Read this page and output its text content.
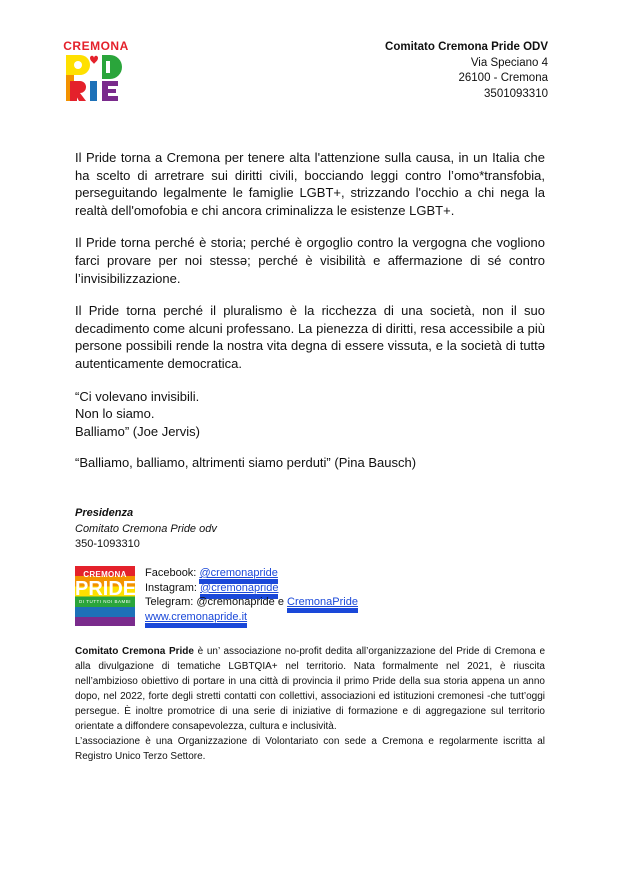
CREMONA	Comitato Cremona Pride ODV
Via Speciano 4
26100 - Cremona
3501093310

Il Pride torna a Cremona per tenere alta l'attenzione sulla causa, in un Italia che ha scelto di arretrare sui diritti civili, bocciando leggi contro l’omo*transfobia, perseguitando legalmente le famiglie LGBT+, strizzando l'occhio a chi nega la realtà dell'omofobia e chi ancora criminalizza le esistenze LGBT+.

Il Pride torna perché è storia; perché è orgoglio contro la vergogna che vogliono farci provare per noi stessə; perché è visibilità e affermazione di sé contro l’invisibilizzazione.

Il Pride torna perché il pluralismo è la ricchezza di una società, non il suo decadimento come alcuni professano. La pienezza di diritti, resa accessibile a più persone possibili rende la nostra vita degna di essere vissuta, e la società di tuttə autenticamente democratica.

“Ci volevano invisibili.

Non lo siamo.

Balliamo” (Joe Jervis)

“Balliamo, balliamo, altrimenti siamo perduti” (Pina Bausch)

Presidenza
Comitato Cremona Pride odv
350-1093310
CREMONA
PRIDE
DI TUTTI NOI BAMBI
Facebook: @cremonapride
Instagram: @cremonapride
Telegram: @cremonapride e CremonaPride
www.cremonapride.it

Comitato Cremona Pride è un’ associazione no-profit dedita all’organizzazione del Pride di Cremona e alla divulgazione di tematiche LGBTQIA+ nel territorio. Nata formalmente nel 2021, è riuscita nell’ambizioso obiettivo di portare in una città di provincia il primo Pride della sua storia appena un anno dopo, nel 2022, forte degli stretti contatti con collettivi, associazioni ed istituzioni cremonesi -che tutt’oggi persegue. È inoltre promotrice di una serie di iniziative di formazione e di aggregazione sul territorio orientate a diffondere consapevolezza, cultura e inclusività.

L’associazione è una Organizzazione di Volontariato con sede a Cremona e regolarmente iscritta al Registro Unico Terzo Settore.
